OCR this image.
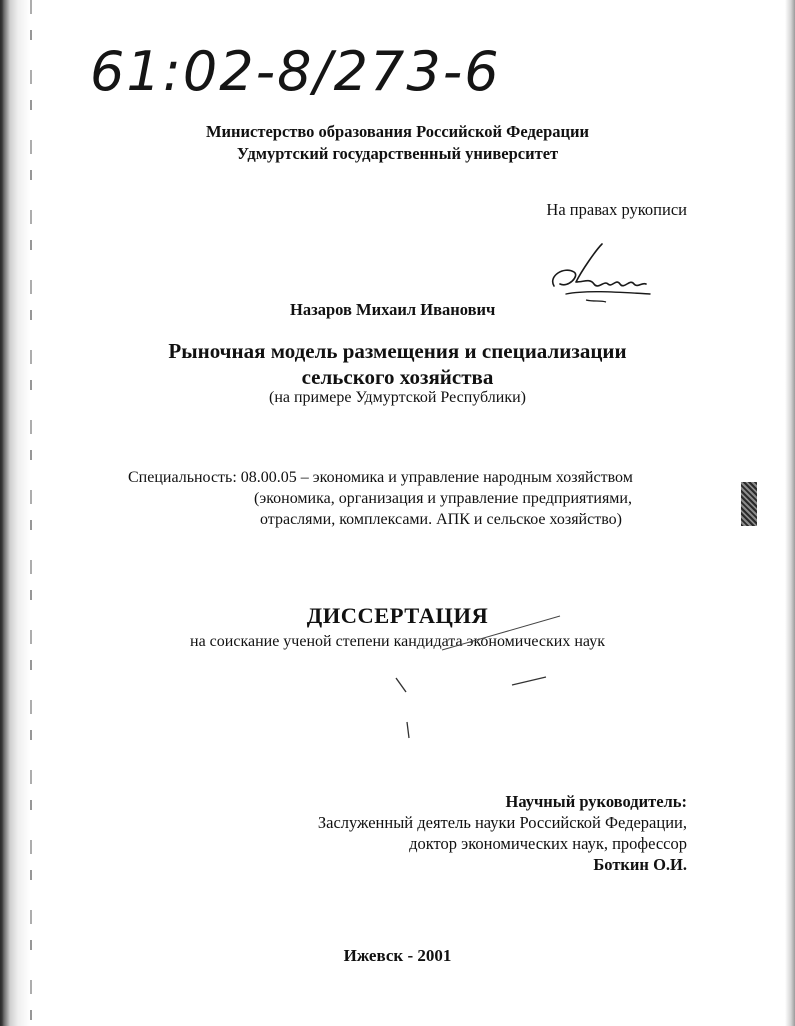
61:02-8/273-6
Министерство образования Российской Федерации
Удмуртский государственный университет
На правах рукописи
Назаров Михаил Иванович
Рыночная модель размещения и специализации
сельского хозяйства
(на примере Удмуртской Республики)
Специальность: 08.00.05 – экономика и управление народным хозяйством
(экономика, организация и управление предприятиями,
отраслями, комплексами. АПК и сельское хозяйство)
ДИССЕРТАЦИЯ
на соискание ученой степени кандидата экономических наук
Научный руководитель:
Заслуженный деятель науки Российской Федерации,
доктор экономических наук, профессор
Боткин О.И.
Ижевск - 2001
